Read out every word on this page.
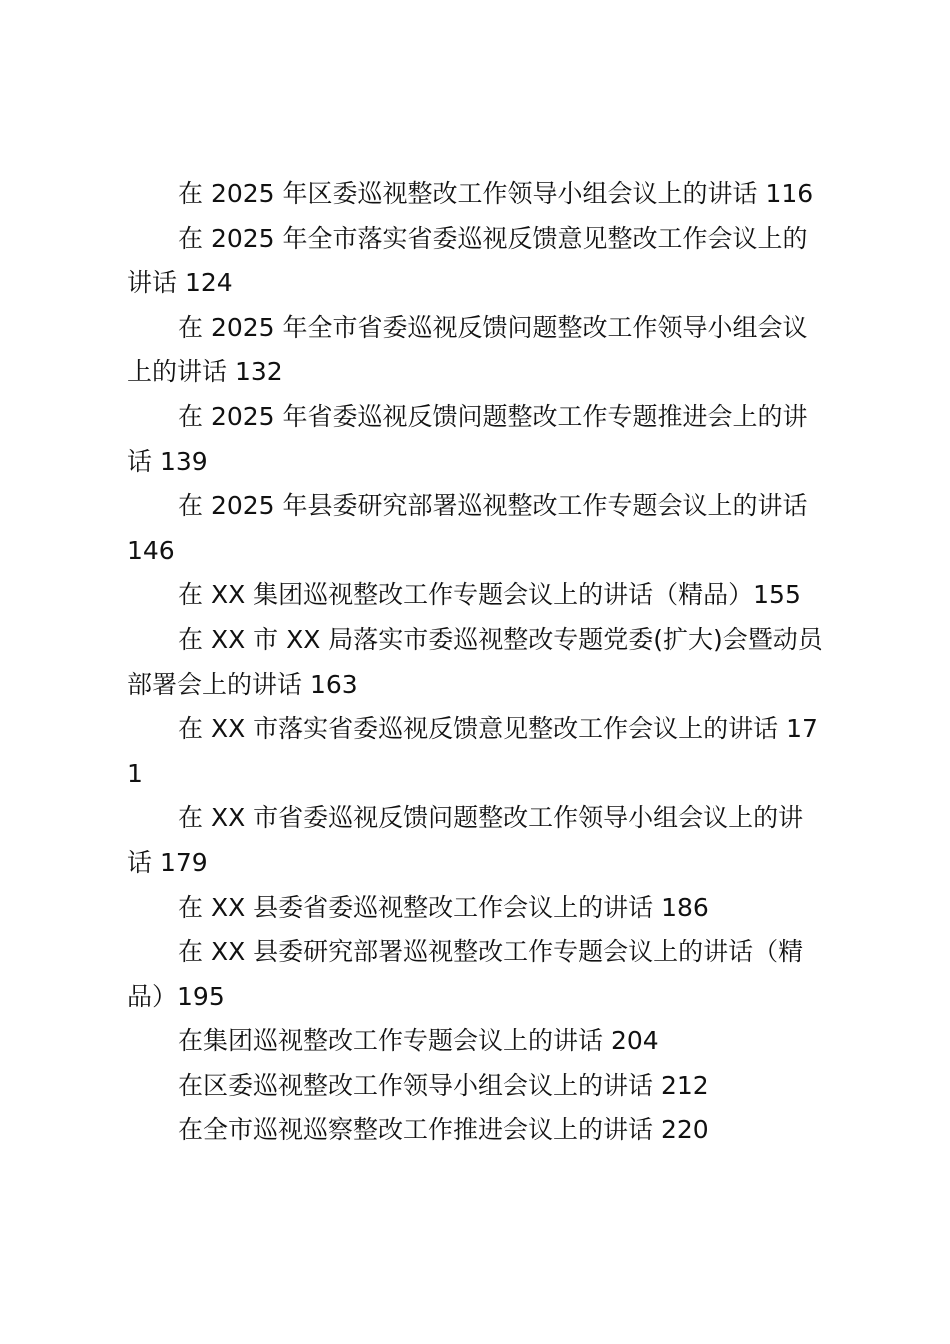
在 2025 年区委巡视整改工作领导小组会议上的讲话 116

在 2025 年全市落实省委巡视反馈意见整改工作会议上的讲话 124

在 2025 年全市省委巡视反馈问题整改工作领导小组会议上的讲话 132

在 2025 年省委巡视反馈问题整改工作专题推进会上的讲话 139

在 2025 年县委研究部署巡视整改工作专题会议上的讲话 146

在 XX 集团巡视整改工作专题会议上的讲话（精品）155

在 XX 市 XX 局落实市委巡视整改专题党委(扩大)会暨动员部署会上的讲话 163

在 XX 市落实省委巡视反馈意见整改工作会议上的讲话 171

在 XX 市省委巡视反馈问题整改工作领导小组会议上的讲话 179

在 XX 县委省委巡视整改工作会议上的讲话 186

在 XX 县委研究部署巡视整改工作专题会议上的讲话（精品）195

在集团巡视整改工作专题会议上的讲话 204

在区委巡视整改工作领导小组会议上的讲话 212

在全市巡视巡察整改工作推进会议上的讲话 220
